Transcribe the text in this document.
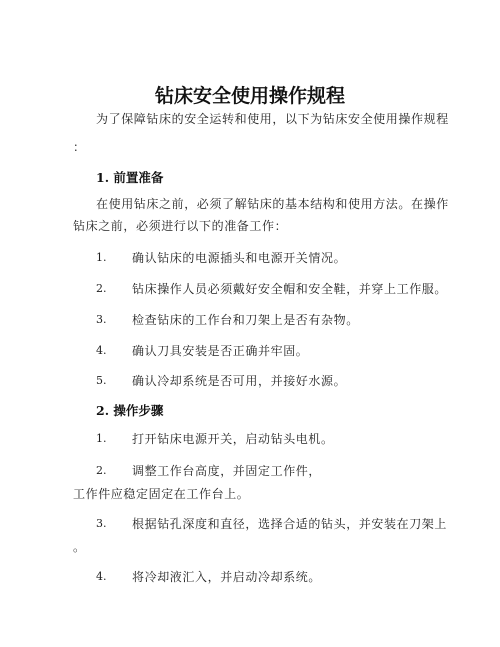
钻床安全使用操作规程
为了保障钻床的安全运转和使用，以下为钻床安全使用操作规程
：
1. 前置准备
在使用钻床之前，必须了解钻床的基本结构和使用方法。在操作
钻床之前，必须进行以下的准备工作：
1. 确认钻床的电源插头和电源开关情况。
2. 钻床操作人员必须戴好安全帽和安全鞋，并穿上工作服。
3. 检查钻床的工作台和刀架上是否有杂物。
4. 确认刀具安装是否正确并牢固。
5. 确认冷却系统是否可用，并接好水源。
2. 操作步骤
1. 打开钻床电源开关，启动钻头电机。
2. 调整工作台高度，并固定工作件，
工作件应稳定固定在工作台上。
3. 根据钻孔深度和直径，选择合适的钻头，并安装在刀架上
。
4. 将冷却液汇入，并启动冷却系统。
